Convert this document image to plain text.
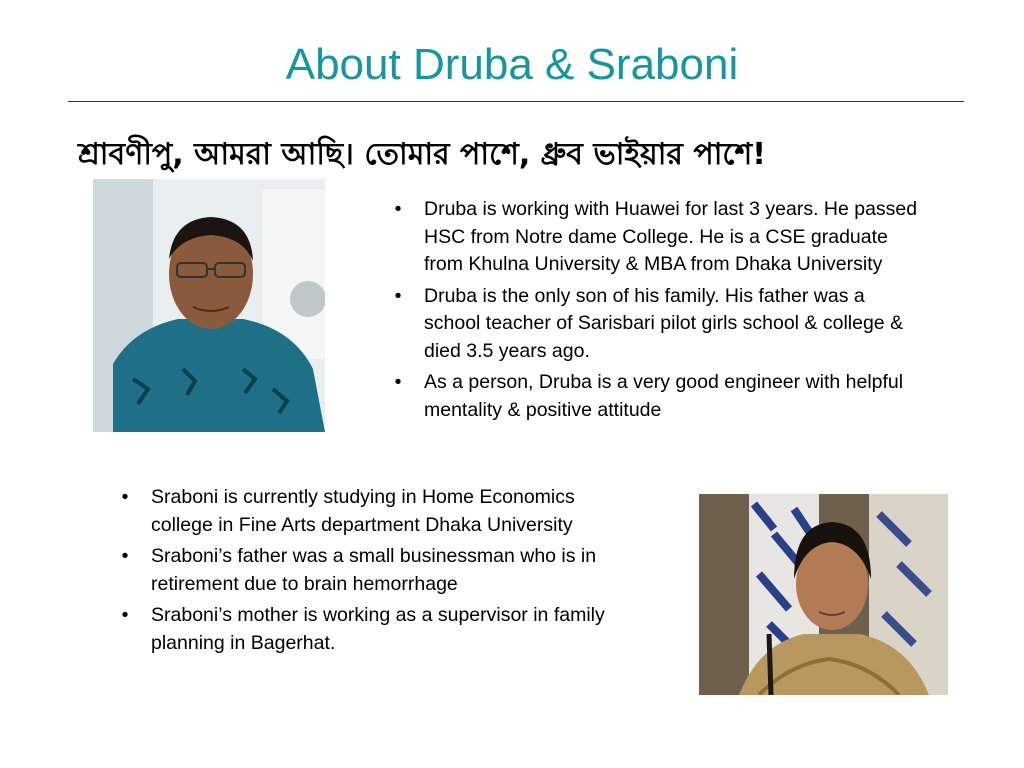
About Druba & Sraboni
শ্রাবণীপু, আমরা আছি। তোমার পাশে, ধ্রুব ভাইয়ার পাশে!
•	Druba is working with Huawei for last 3 years. He passed HSC from Notre dame College. He is a CSE graduate from Khulna University & MBA from Dhaka University
•	Druba is the only son of his family. His father was a school teacher of Sarisbari pilot girls school & college & died 3.5 years ago.
•	As a person, Druba is a very good engineer with helpful mentality & positive attitude
•	Sraboni is currently studying in Home Economics college in Fine Arts department Dhaka University
•	Sraboni’s father was a small businessman who is in retirement due to brain hemorrhage
•	Sraboni’s mother is working as a supervisor in family planning in Bagerhat.
